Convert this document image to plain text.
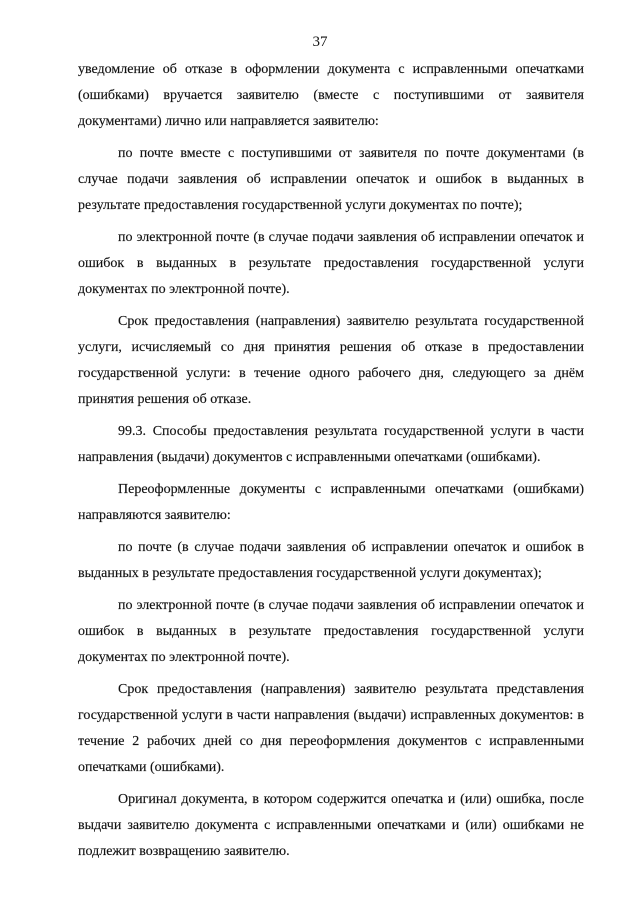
37

уведомление об отказе в оформлении документа с исправленными опечатками (ошибками) вручается заявителю (вместе с поступившими от заявителя документами) лично или направляется заявителю:

по почте вместе с поступившими от заявителя по почте документами (в случае подачи заявления об исправлении опечаток и ошибок в выданных в результате предоставления государственной услуги документах по почте);

по электронной почте (в случае подачи заявления об исправлении опечаток и ошибок в выданных в результате предоставления государственной услуги документах по электронной почте).

Срок предоставления (направления) заявителю результата государственной услуги, исчисляемый со дня принятия решения об отказе в предоставлении государственной услуги: в течение одного рабочего дня, следующего за днём принятия решения об отказе.

99.3. Способы предоставления результата государственной услуги в части направления (выдачи) документов с исправленными опечатками (ошибками).

Переоформленные документы с исправленными опечатками (ошибками) направляются заявителю:

по почте (в случае подачи заявления об исправлении опечаток и ошибок в выданных в результате предоставления государственной услуги документах);

по электронной почте (в случае подачи заявления об исправлении опечаток и ошибок в выданных в результате предоставления государственной услуги документах по электронной почте).

Срок предоставления (направления) заявителю результата представления государственной услуги в части направления (выдачи) исправленных документов: в течение 2 рабочих дней со дня переоформления документов с исправленными опечатками (ошибками).

Оригинал документа, в котором содержится опечатка и (или) ошибка, после выдачи заявителю документа с исправленными опечатками и (или) ошибками не подлежит возвращению заявителю.
